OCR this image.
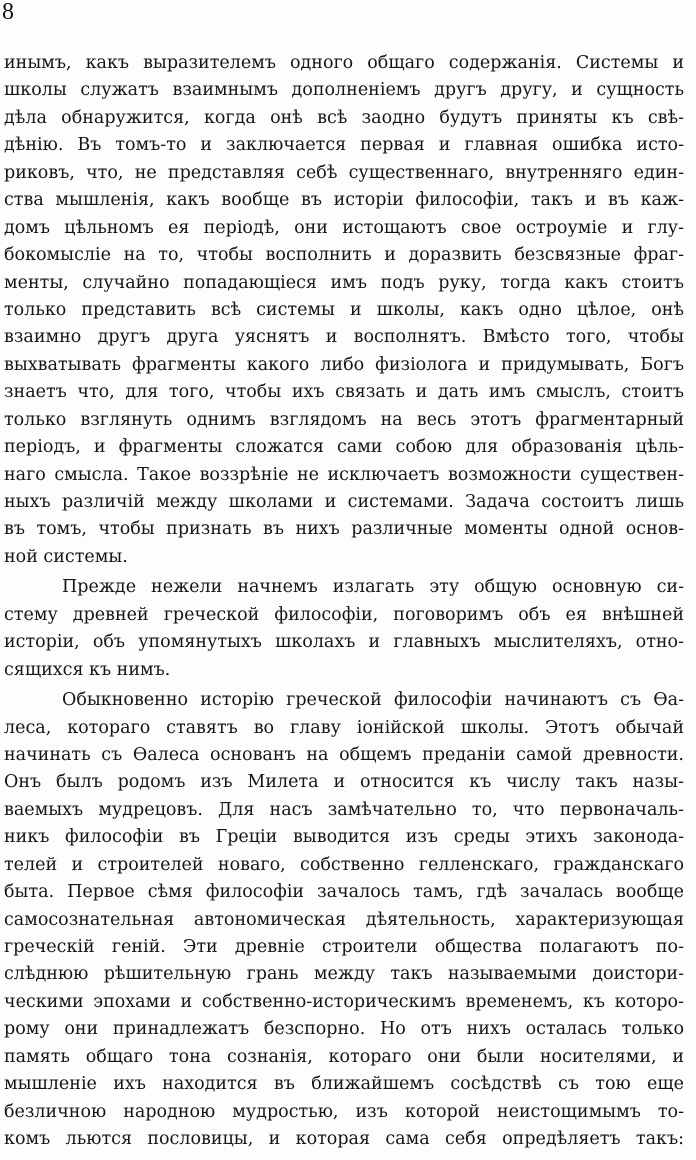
8
инымъ, какъ выразителемъ одного общаго содержанія. Системы и
школы служатъ взаимнымъ дополненіемъ другъ другу, и сущность
дѣла обнаружится, когда онѣ всѣ заодно будутъ приняты къ свѣ-
дѣнію. Въ томъ-то и заключается первая и главная ошибка исто-
риковъ, что, не представляя себѣ существеннаго, внутренняго един-
ства мышленія, какъ вообще въ исторіи философіи, такъ и въ каж-
домъ цѣльномъ ея періодѣ, они истощаютъ свое остроуміе и глу-
бокомысліе на то, чтобы восполнить и доразвить безсвязные фраг-
менты, случайно попадающіеся имъ подъ руку, тогда какъ стоитъ
только представить всѣ системы и школы, какъ одно цѣлое, онѣ
взаимно другъ друга уяснятъ и восполнятъ. Вмѣсто того, чтобы
выхватывать фрагменты какого либо физіолога и придумывать, Богъ
знаетъ что, для того, чтобы ихъ связать и дать имъ смыслъ, стоитъ
только взглянуть однимъ взглядомъ на весь этотъ фрагментарный
періодъ, и фрагменты сложатся сами собою для образованія цѣль-
наго смысла. Такое воззрѣніе не исключаетъ возможности существен-
ныхъ различій между школами и системами. Задача состоитъ лишь
въ томъ, чтобы признать въ нихъ различные моменты одной основ-
ной системы.
Прежде нежели начнемъ излагать эту общую основную си-
стему древней греческой философіи, поговоримъ объ ея внѣшней
исторіи, объ упомянутыхъ школахъ и главныхъ мыслителяхъ, отно-
сящихся къ нимъ.
Обыкновенно исторію греческой философіи начинаютъ съ Ѳа-
леса, котораго ставятъ во главу іонійской школы. Этотъ обычай
начинать съ Ѳалеса основанъ на общемъ преданіи самой древности.
Онъ былъ родомъ изъ Милета и относится къ числу такъ назы-
ваемыхъ мудрецовъ. Для насъ замѣчательно то, что первоначаль-
никъ философіи въ Греціи выводится изъ среды этихъ законода-
телей и строителей новаго, собственно гелленскаго, гражданскаго
быта. Первое сѣмя философіи зачалось тамъ, гдѣ зачалась вообще
самосознательная автономическая дѣятельность, характеризующая
греческій геній. Эти древніе строители общества полагаютъ по-
слѣднюю рѣшительную грань между такъ называемыми доистори-
ческими эпохами и собственно-историческимъ временемъ, къ которо-
рому они принадлежатъ безспорно. Но отъ нихъ осталась только
память общаго тона сознанія, котораго они были носителями, и
мышленіе ихъ находится въ ближайшемъ сосѣдствѣ съ тою еще
безличною народною мудростью, изъ которой неистощимымъ то-
комъ льются пословицы, и которая сама себя опредѣляетъ такъ:
